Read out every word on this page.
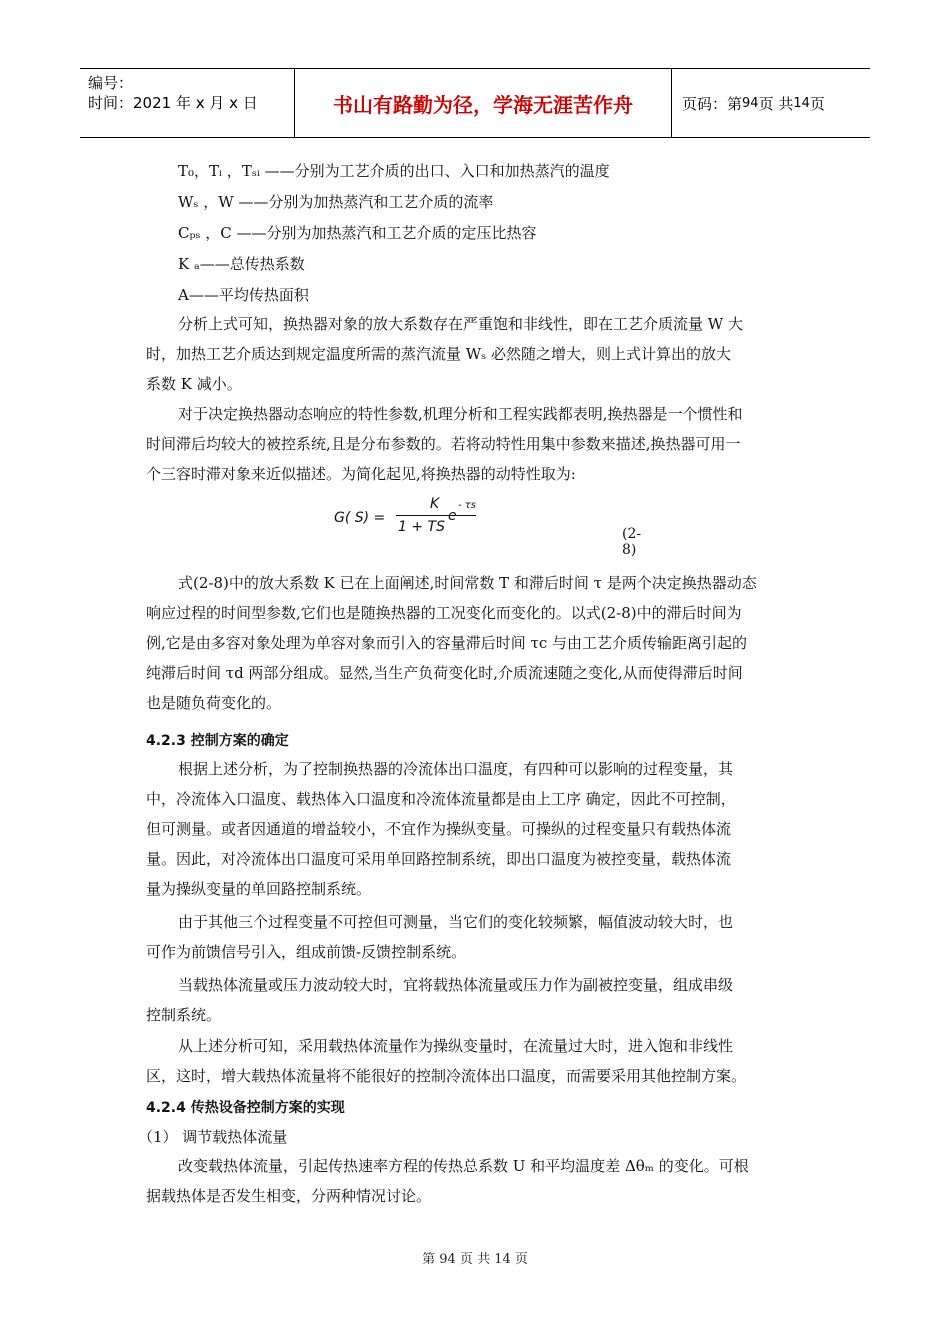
编号：
时间：2021 年 x 月 x 日	书山有路勤为径，学海无涯苦作舟	页码：第 94 页 共 14 页
T₀，Tᵢ ，Tₛᵢ ——分别为工艺介质的出口、入口和加热蒸汽的温度
Wₛ ，W ——分别为加热蒸汽和工艺介质的流率
Cₚₛ ，C ——分别为加热蒸汽和工艺介质的定压比热容
K ₐ——总传热系数
A——平均传热面积
分析上式可知，换热器对象的放大系数存在严重饱和非线性，即在工艺介质流量 W 大
时，加热工艺介质达到规定温度所需的蒸汽流量 Wₛ 必然随之增大，则上式计算出的放大
系数 K 减小。
对于决定换热器动态响应的特性参数,机理分析和工程实践都表明,换热器是一个惯性和
时间滞后均较大的被控系统,且是分布参数的。若将动特性用集中参数来描述,换热器可用一
个三容时滞对象来近似描述。为简化起见,将换热器的动特性取为:
式(2-8)中的放大系数 K 已在上面阐述,时间常数 T 和滞后时间 τ 是两个决定换热器动态
响应过程的时间型参数,它们也是随换热器的工况变化而变化的。以式(2-8)中的滞后时间为
例,它是由多容对象处理为单容对象而引入的容量滞后时间 τc 与由工艺介质传输距离引起的
纯滞后时间 τd 两部分组成。显然,当生产负荷变化时,介质流速随之变化,从而使得滞后时间
也是随负荷变化的。
4.2.3 控制方案的确定
根据上述分析，为了控制换热器的冷流体出口温度，有四种可以影响的过程变量，其
中，冷流体入口温度、载热体入口温度和冷流体流量都是由上工序 确定，因此不可控制，
但可测量。或者因通道的增益较小，不宜作为操纵变量。可操纵的过程变量只有载热体流
量。因此，对冷流体出口温度可采用单回路控制系统，即出口温度为被控变量，载热体流
量为操纵变量的单回路控制系统。
由于其他三个过程变量不可控但可测量，当它们的变化较频繁，幅值波动较大时，也
可作为前馈信号引入，组成前馈-反馈控制系统。
当载热体流量或压力波动较大时，宜将载热体流量或压力作为副被控变量，组成串级
控制系统。
从上述分析可知，采用载热体流量作为操纵变量时，在流量过大时，进入饱和非线性
区，这时，增大载热体流量将不能很好的控制冷流体出口温度，而需要采用其他控制方案。
4.2.4 传热设备控制方案的实现
（1） 调节载热体流量
改变载热体流量，引起传热速率方程的传热总系数 U 和平均温度差 Δθₘ 的变化。可根
据载热体是否发生相变，分两种情况讨论。
G( S) =
K
1 + TS
e
- τs
(2-8)
第 94 页 共 14 页
